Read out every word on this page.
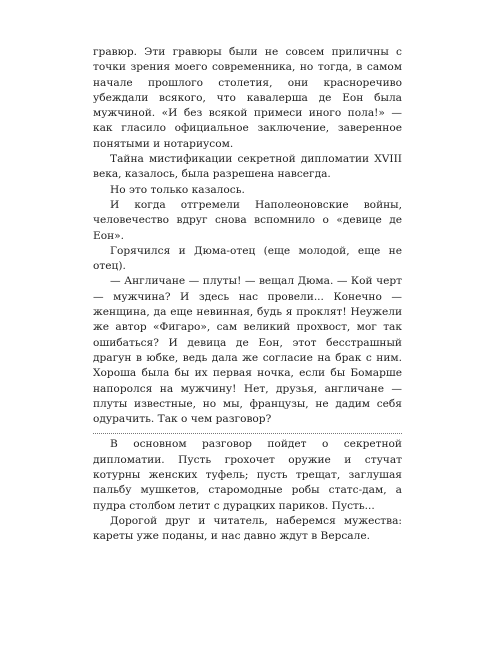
гравюр. Эти гравюры были не совсем приличны с точки зрения моего современника, но тогда, в самом начале прошлого столетия, они красноречиво убеждали всякого, что кавалерша де Еон была мужчиной. «И без всякой примеси иного пола!» — как гласило официальное заключение, заверенное понятыми и нотариусом.

Тайна мистификации секретной дипломатии XVIII века, казалось, была разрешена навсегда.

Но это только казалось.

И когда отгремели Наполеоновские войны, человечество вдруг снова вспомнило о «девице де Еон».

Горячился и Дюма-отец (еще молодой, еще не отец).

— Англичане — плуты! — вещал Дюма. — Кой черт — мужчина? И здесь нас провели... Конечно — женщина, да еще невинная, будь я проклят! Неужели же автор «Фигаро», сам великий прохвост, мог так ошибаться? И девица де Еон, этот бесстрашный драгун в юбке, ведь дала же согласие на брак с ним. Хороша была бы их первая ночка, если бы Бомарше напоролся на мужчину! Нет, друзья, англичане — плуты известные, но мы, французы, не дадим себя одурачить. Так о чем разговор?

В основном разговор пойдет о секретной дипломатии. Пусть грохочет оружие и стучат котурны женских туфель; пусть трещат, заглушая пальбу мушкетов, старомодные робы статс-дам, а пудра столбом летит с дурацких париков. Пусть...

Дорогой друг и читатель, наберемся мужества: кареты уже поданы, и нас давно ждут в Версале.
